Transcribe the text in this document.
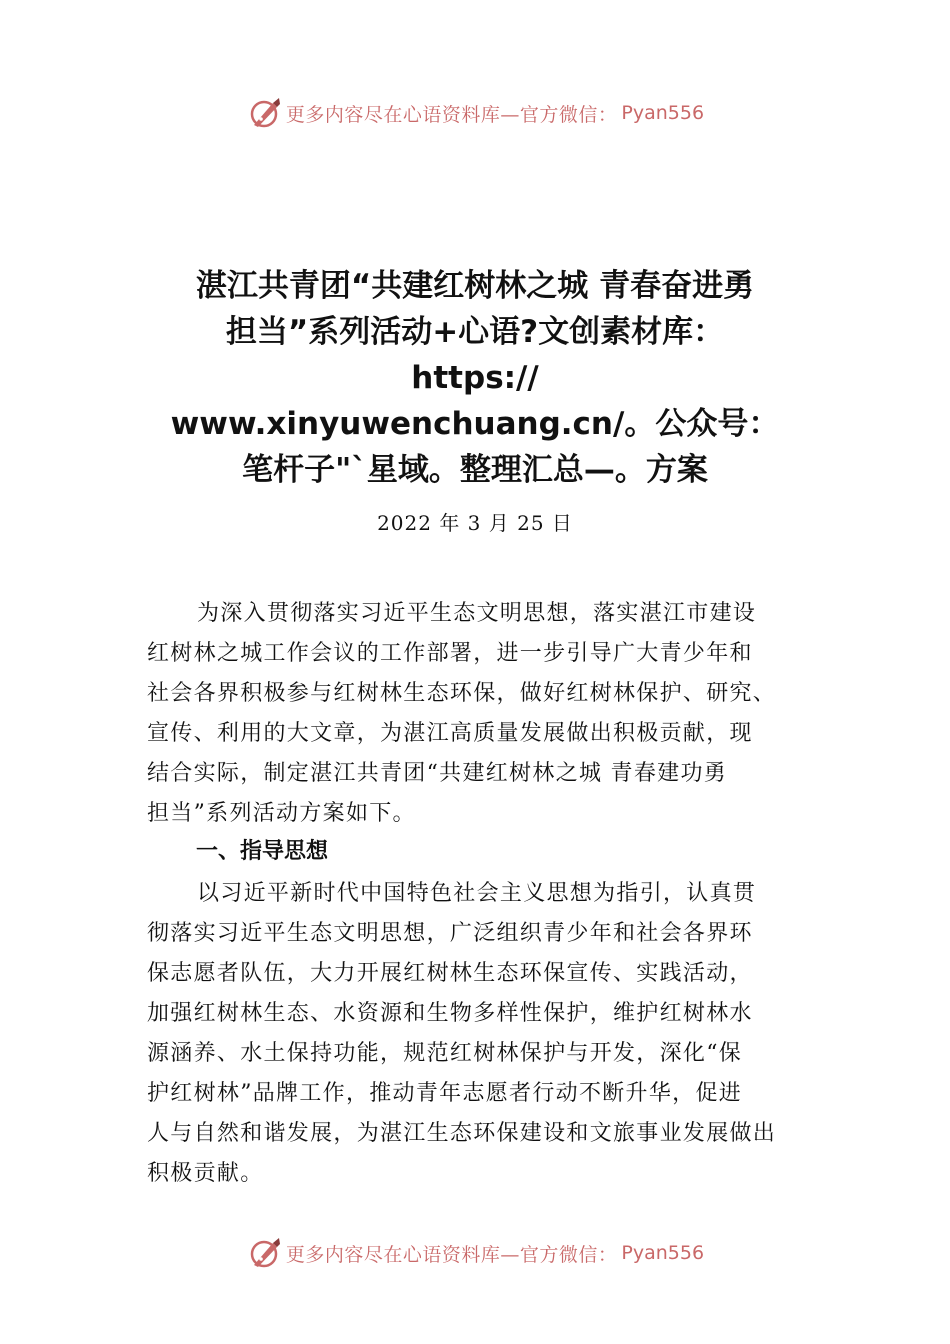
更多内容尽在心语资料库—官方微信： Pyan556
湛江共青团“共建红树林之城 青春奋进勇
担当”系列活动+心语?文创素材库：
https://
www.xinyuwenchuang.cn/。公众号：
笔杆子"`星域。整理汇总—。方案
2022 年 3 月 25 日
为深入贯彻落实习近平生态文明思想，落实湛江市建设
红树林之城工作会议的工作部署，进一步引导广大青少年和
社会各界积极参与红树林生态环保，做好红树林保护、研究、
宣传、利用的大文章，为湛江高质量发展做出积极贡献，现
结合实际，制定湛江共青团“共建红树林之城 青春建功勇
担当”系列活动方案如下。
一、指导思想
以习近平新时代中国特色社会主义思想为指引，认真贯
彻落实习近平生态文明思想，广泛组织青少年和社会各界环
保志愿者队伍，大力开展红树林生态环保宣传、实践活动，
加强红树林生态、水资源和生物多样性保护，维护红树林水
源涵养、水土保持功能，规范红树林保护与开发，深化“保
护红树林”品牌工作，推动青年志愿者行动不断升华，促进
人与自然和谐发展，为湛江生态环保建设和文旅事业发展做出
积极贡献。
更多内容尽在心语资料库—官方微信： Pyan556
